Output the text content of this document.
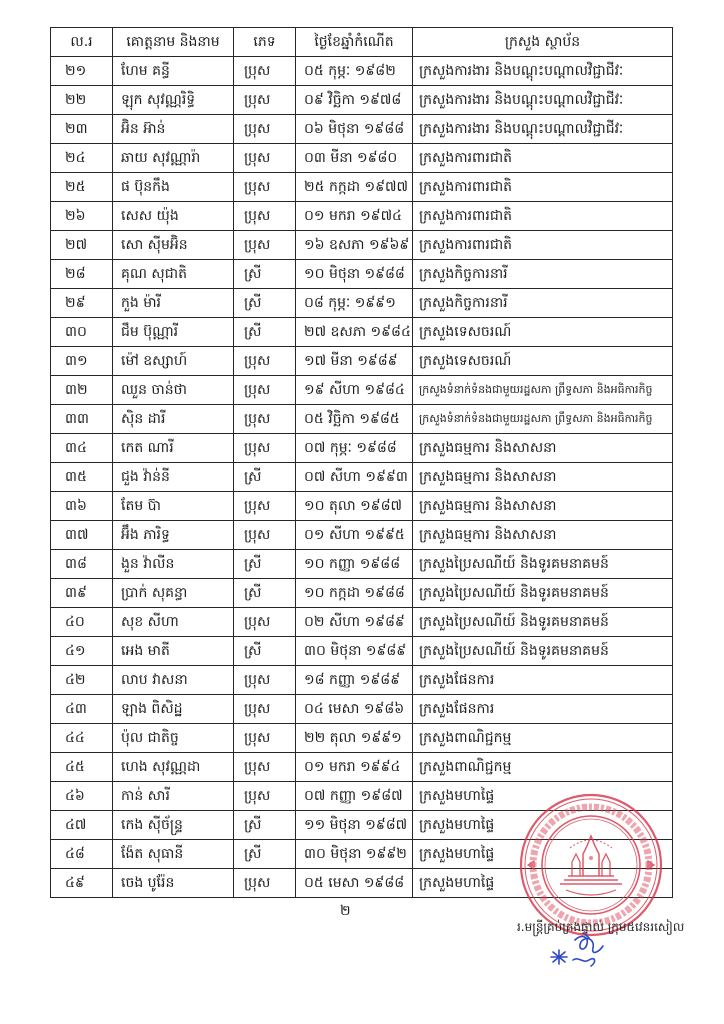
ល.រ	គោត្តនាម និងនាម	ភេទ	ថ្ងៃខែឆ្នាំកំណើត	ក្រសួង ស្ថាប័ន
២១	ហែម គន្ធី	ប្រុស	០៥ កុម្ភៈ ១៩៨២	ក្រសួងការងារ និងបណ្តុះបណ្តាលវិជ្ជាជីវៈ
២២	ឡុក សុវណ្ណរិទ្ធិ	ប្រុស	០៩ វិច្ឆិកា ១៩៧៨	ក្រសួងការងារ និងបណ្តុះបណ្តាលវិជ្ជាជីវៈ
២៣	អ៊ិន អ៊ាន់	ប្រុស	០៦ មិថុនា ១៩៨៨	ក្រសួងការងារ និងបណ្តុះបណ្តាលវិជ្ជាជីវៈ
២៤	ឆាយ សុវណ្ណារ៉ា	ប្រុស	០៣ មីនា ១៩៨០	ក្រសួងការពារជាតិ
២៥	ផ ប៊ុនកឹង	ប្រុស	២៥ កក្កដា ១៩៧៧	ក្រសួងការពារជាតិ
២៦	សេស យ៉ុង	ប្រុស	០១ មករា ១៩៧៤	ក្រសួងការពារជាតិ
២៧	សោ ស៊ីមអ៊ិន	ប្រុស	១៦ ឧសភា ១៩៦៩	ក្រសួងការពារជាតិ
២៨	គុណ សុជាតិ	ស្រី	១០ មិថុនា ១៩៨៨	ក្រសួងកិច្ចការនារី
២៩	កួង ម៉ារី	ស្រី	០៨ កុម្ភៈ ១៩៩១	ក្រសួងកិច្ចការនារី
៣០	ជឹម ប៊ុណ្ណារី	ស្រី	២៧ ឧសភា ១៩៨៤	ក្រសួងទេសចរណ៍
៣១	ម៉ៅ ឧស្សាហ៍	ប្រុស	១៧ មីនា ១៩៨៩	ក្រសួងទេសចរណ៍
៣២	ឈួន ចាន់ថា	ប្រុស	១៩ សីហា ១៩៨៤	ក្រសួងទំនាក់ទំនងជាមួយរដ្ឋសភា ព្រឹទ្ធសភា និងអធិការកិច្ច
៣៣	ស៊ិន ដារី	ប្រុស	០៥ វិច្ឆិកា ១៩៨៥	ក្រសួងទំនាក់ទំនងជាមួយរដ្ឋសភា ព្រឹទ្ធសភា និងអធិការកិច្ច
៣៤	កេត ណារី	ប្រុស	០៧ កុម្ភៈ ១៩៨៨	ក្រសួងធម្មការ និងសាសនា
៣៥	ជួង វ៉ាន់នី	ស្រី	០៧ សីហា ១៩៩៣	ក្រសួងធម្មការ និងសាសនា
៣៦	តែម ប៊ា	ប្រុស	១០ តុលា ១៩៨៧	ក្រសួងធម្មការ និងសាសនា
៣៧	អ៊ឹង ភារិទ្ធ	ប្រុស	០១ សីហា ១៩៩៥	ក្រសួងធម្មការ និងសាសនា
៣៨	ងួន វ៉ាលីន	ស្រី	១០ កញ្ញា ១៩៨៨	ក្រសួងប្រៃសណីយ៍ និងទូរគមនាគមន៍
៣៩	ប្រាក់ សុគន្ធា	ស្រី	១០ កក្កដា ១៩៨៨	ក្រសួងប្រៃសណីយ៍ និងទូរគមនាគមន៍
៤០	សុខ សីហា	ប្រុស	០២ សីហា ១៩៨៩	ក្រសួងប្រៃសណីយ៍ និងទូរគមនាគមន៍
៤១	អេង មាតី	ស្រី	៣០ មិថុនា ១៩៨៩	ក្រសួងប្រៃសណីយ៍ និងទូរគមនាគមន៍
៤២	លាប វាសនា	ប្រុស	១៨ កញ្ញា ១៩៨៩	ក្រសួងផែនការ
៤៣	ឡាង ពិសិដ្ឋ	ប្រុស	០៤ មេសា ១៩៨៦	ក្រសួងផែនការ
៤៤	ប៉ុល ជាតិច្ច	ប្រុស	២២ តុលា ១៩៩១	ក្រសួងពាណិជ្ជកម្ម
៤៥	ហេង សុវណ្ណដា	ប្រុស	០១ មករា ១៩៩៤	ក្រសួងពាណិជ្ជកម្ម
៤៦	កាន់ សារី	ប្រុស	០៧ កញ្ញា ១៩៨៧	ក្រសួងមហាផ្ទៃ
៤៧	កេង ស៊ីច័ន្ទ្រ	ស្រី	១១ មិថុនា ១៩៨៧	ក្រសួងមហាផ្ទៃ
៤៨	ង៉ែត សុធានី	ស្រី	៣០ មិថុនា ១៩៩២	ក្រសួងមហាផ្ទៃ
៤៩	ចេង បូរ៉ែន	ប្រុស	០៥ មេសា ១៩៨៨	ក្រសួងមហាផ្ទៃ
២
រ.មន្ត្រីគ្រប់គ្រងផ្ទាល់ ក្រុម៥វេនរសៀល
